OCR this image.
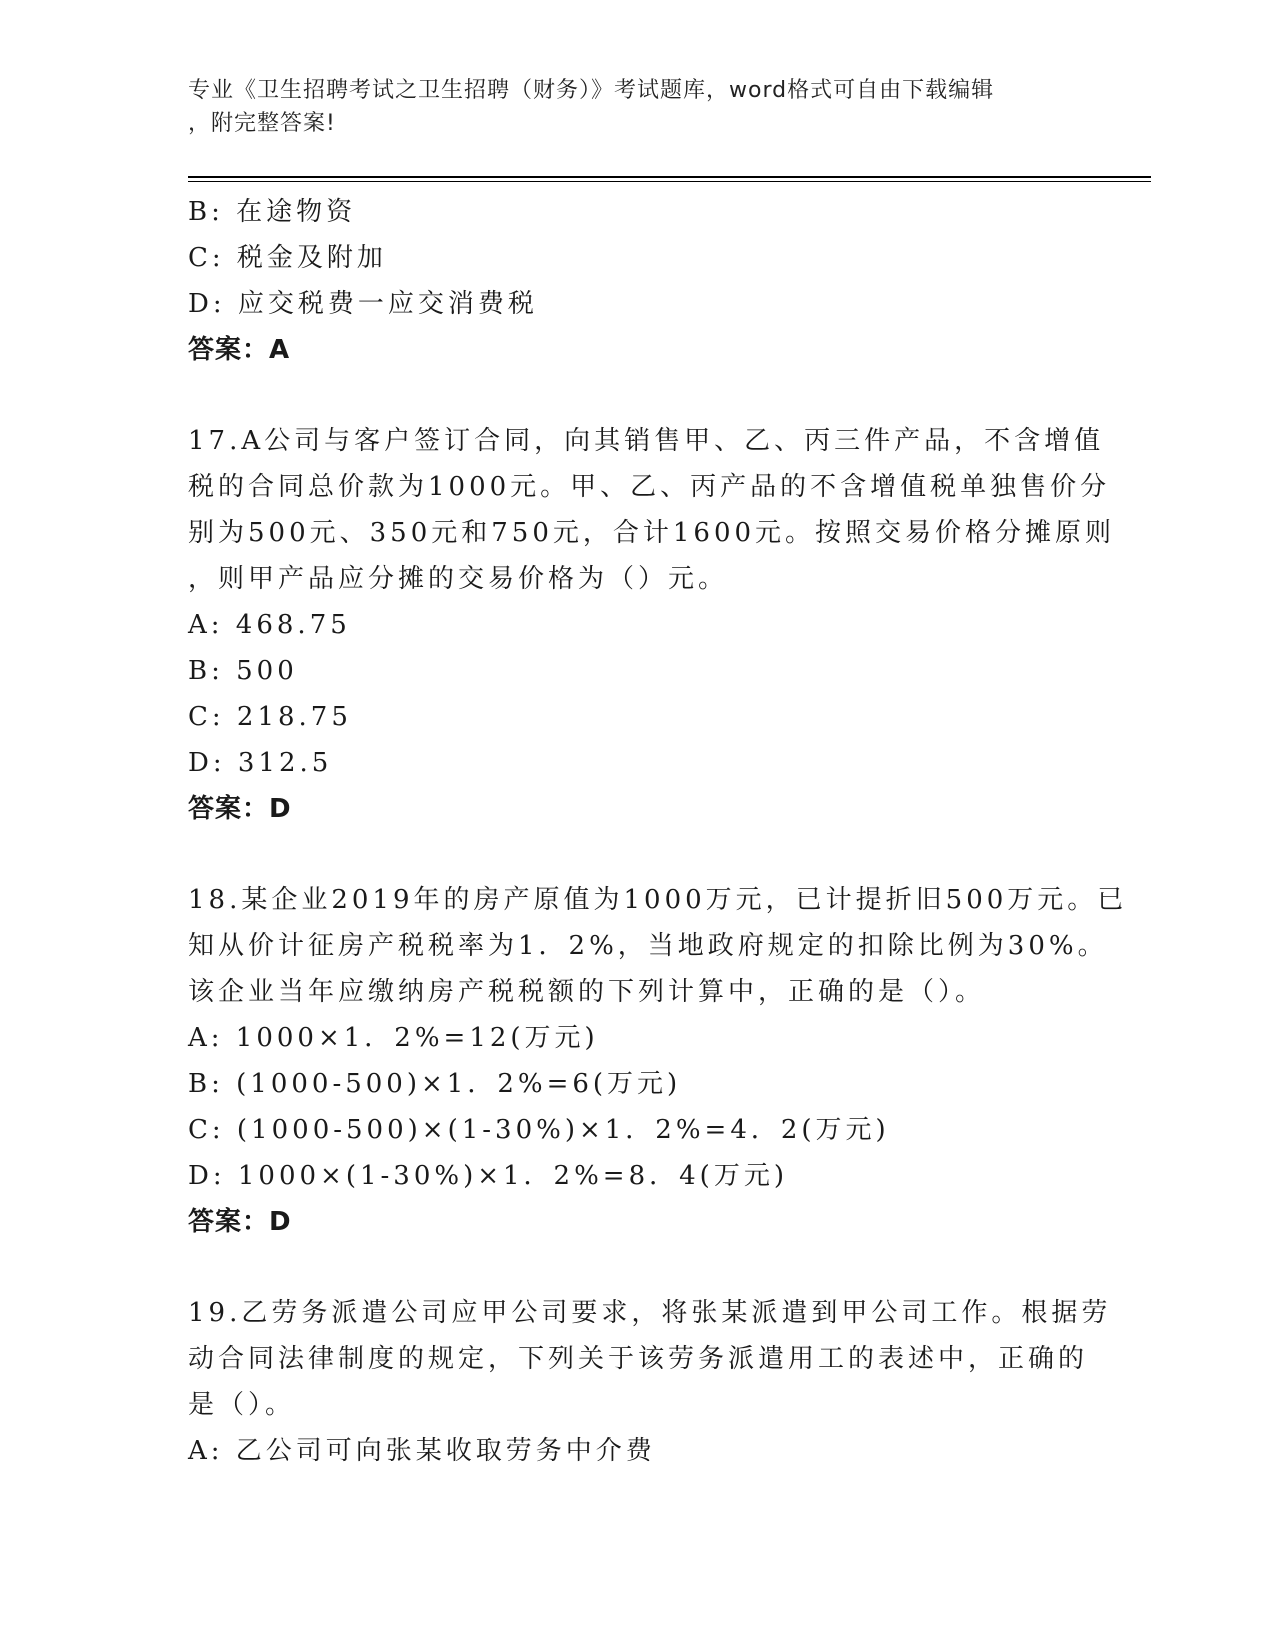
专业《卫生招聘考试之卫生招聘（财务）》考试题库，word格式可自由下载编辑
，附完整答案!
B: 在途物资
C: 税金及附加
D: 应交税费一应交消费税
答案：A
17.A公司与客户签订合同，向其销售甲、乙、丙三件产品，不含增值
税的合同总价款为1000元。甲、乙、丙产品的不含增值税单独售价分
别为500元、350元和750元，合计1600元。按照交易价格分摊原则
，则甲产品应分摊的交易价格为（）元。
A: 468.75
B: 500
C: 218.75
D: 312.5
答案：D
18.某企业2019年的房产原值为1000万元，已计提折旧500万元。已
知从价计征房产税税率为1．2%，当地政府规定的扣除比例为30%。
该企业当年应缴纳房产税税额的下列计算中，正确的是（）。
A: 1000×1．2%=12(万元)
B: (1000-500)×1．2%=6(万元)
C: (1000-500)×(1-30%)×1．2%=4．2(万元)
D: 1000×(1-30%)×1．2%=8．4(万元)
答案：D
19.乙劳务派遣公司应甲公司要求，将张某派遣到甲公司工作。根据劳
动合同法律制度的规定，下列关于该劳务派遣用工的表述中，正确的
是（）。
A: 乙公司可向张某收取劳务中介费
